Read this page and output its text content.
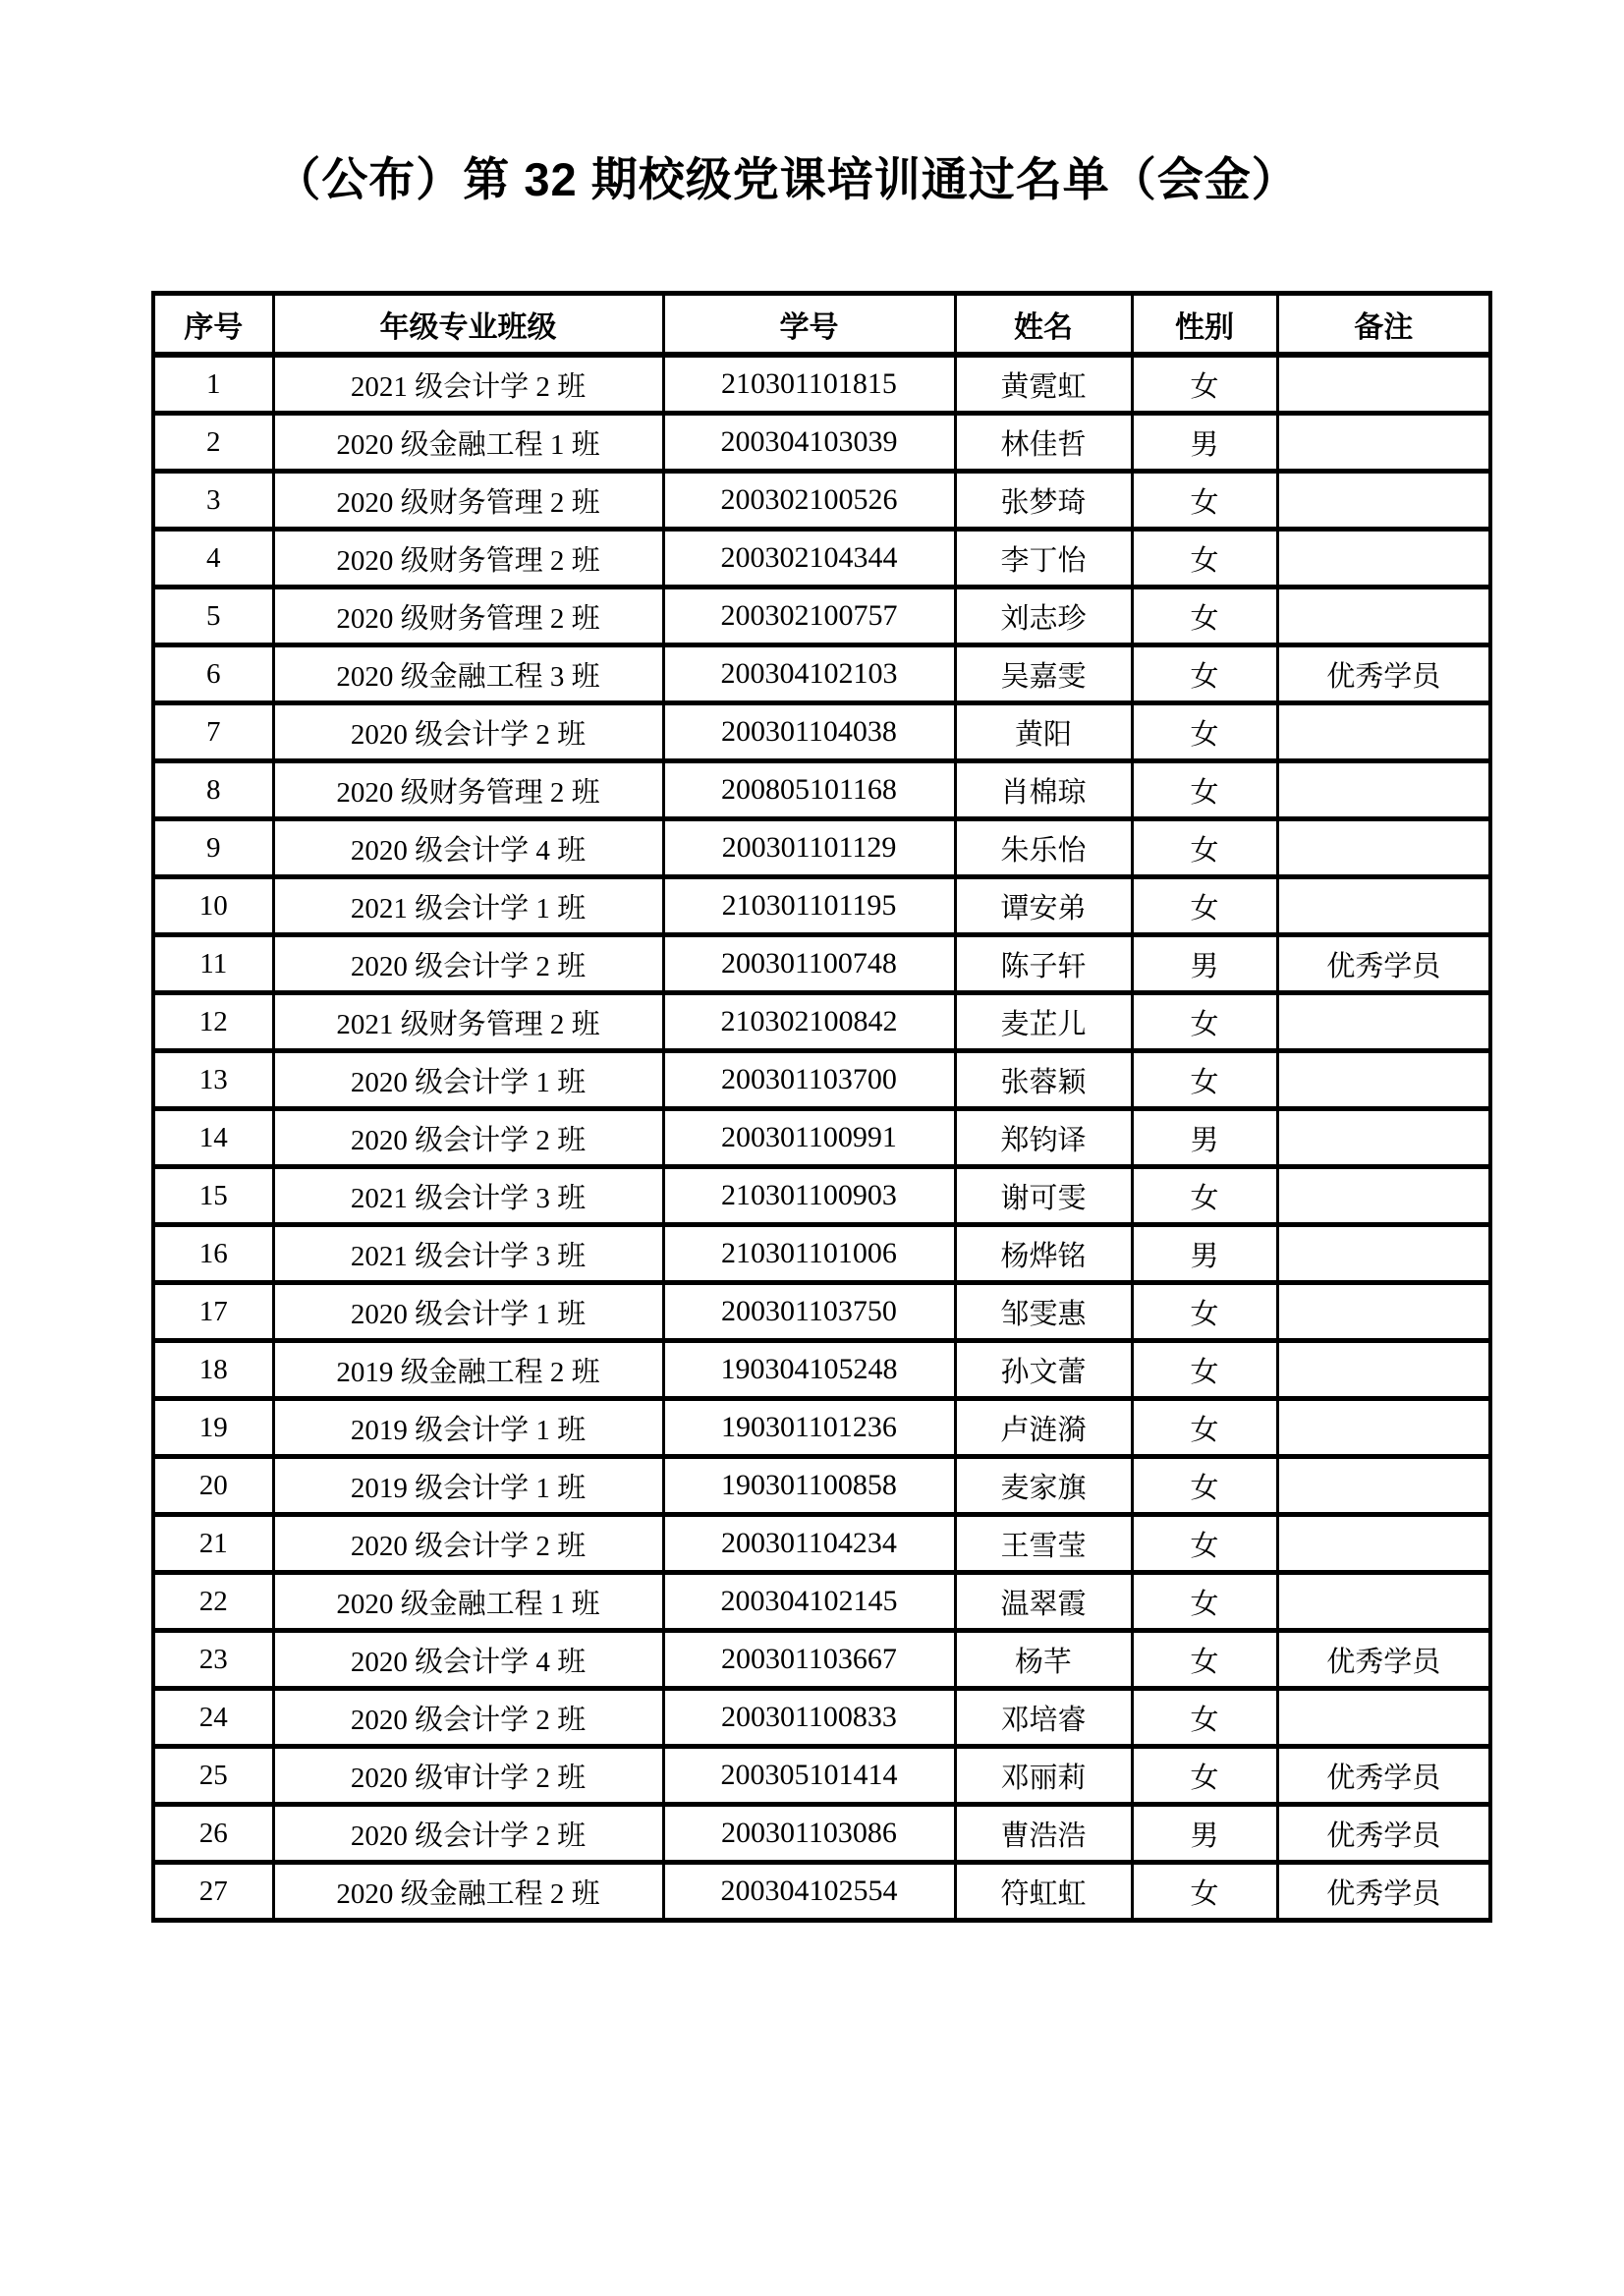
（公布）第 32 期校级党课培训通过名单（会金）
序号	年级专业班级	学号	姓名	性别	备注
1	2021 级会计学 2 班	210301101815	黄霓虹	女	
2	2020 级金融工程 1 班	200304103039	林佳哲	男	
3	2020 级财务管理 2 班	200302100526	张梦琦	女	
4	2020 级财务管理 2 班	200302104344	李丁怡	女	
5	2020 级财务管理 2 班	200302100757	刘志珍	女	
6	2020 级金融工程 3 班	200304102103	吴嘉雯	女	优秀学员
7	2020 级会计学 2 班	200301104038	黄阳	女	
8	2020 级财务管理 2 班	200805101168	肖棉琼	女	
9	2020 级会计学 4 班	200301101129	朱乐怡	女	
10	2021 级会计学 1 班	210301101195	谭安弟	女	
11	2020 级会计学 2 班	200301100748	陈子轩	男	优秀学员
12	2021 级财务管理 2 班	210302100842	麦芷儿	女	
13	2020 级会计学 1 班	200301103700	张蓉颖	女	
14	2020 级会计学 2 班	200301100991	郑钧译	男	
15	2021 级会计学 3 班	210301100903	谢可雯	女	
16	2021 级会计学 3 班	210301101006	杨烨铭	男	
17	2020 级会计学 1 班	200301103750	邹雯惠	女	
18	2019 级金融工程 2 班	190304105248	孙文蕾	女	
19	2019 级会计学 1 班	190301101236	卢涟漪	女	
20	2019 级会计学 1 班	190301100858	麦家旗	女	
21	2020 级会计学 2 班	200301104234	王雪莹	女	
22	2020 级金融工程 1 班	200304102145	温翠霞	女	
23	2020 级会计学 4 班	200301103667	杨芊	女	优秀学员
24	2020 级会计学 2 班	200301100833	邓培睿	女	
25	2020 级审计学 2 班	200305101414	邓丽莉	女	优秀学员
26	2020 级会计学 2 班	200301103086	曹浩浩	男	优秀学员
27	2020 级金融工程 2 班	200304102554	符虹虹	女	优秀学员
